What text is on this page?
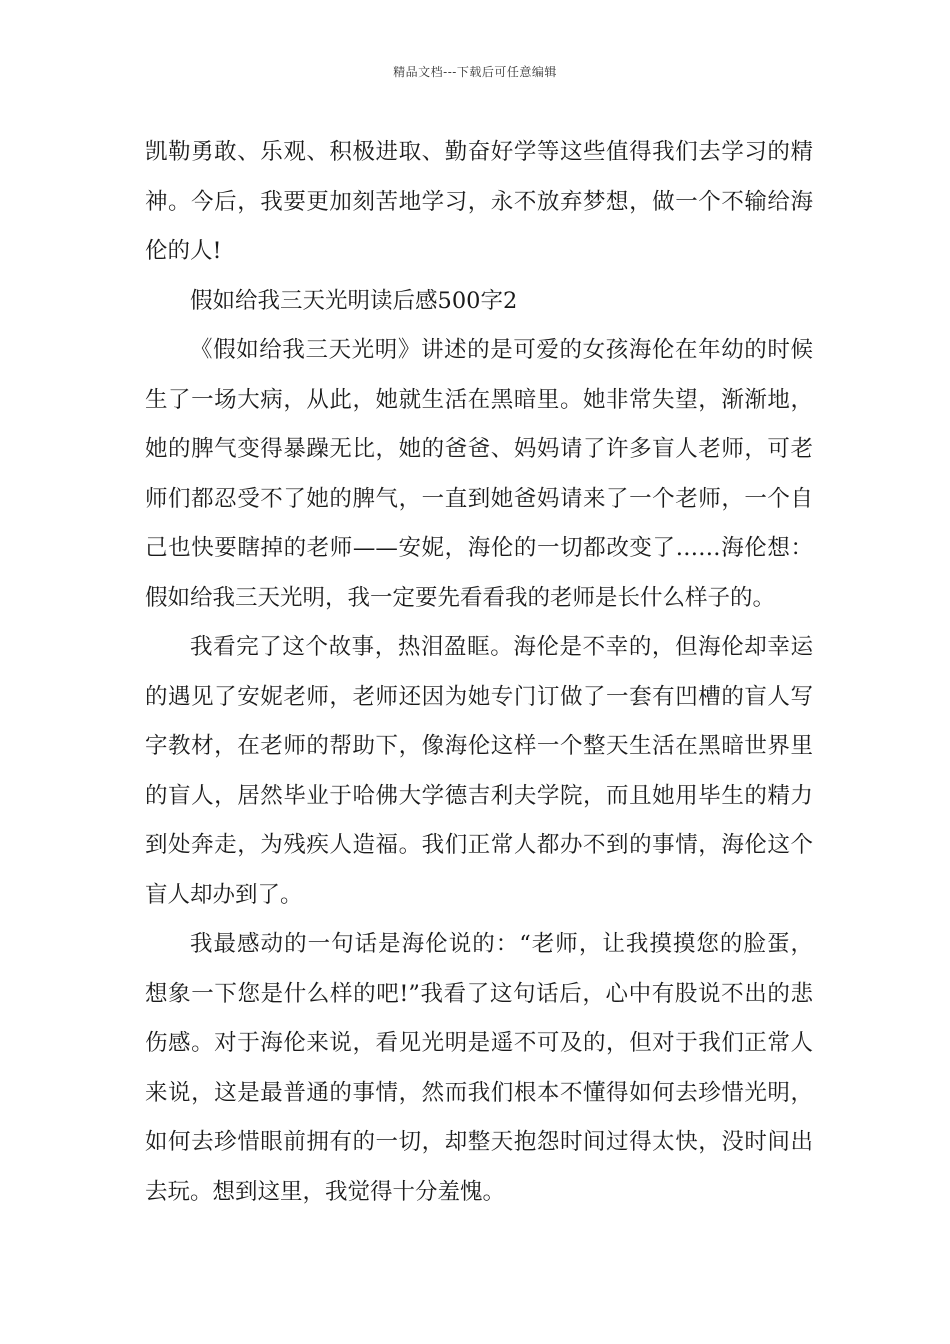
精品文档---下载后可任意编辑
凯勒勇敢、乐观、积极进取、勤奋好学等这些值得我们去学习的精
神。今后，我要更加刻苦地学习，永不放弃梦想，做一个不输给海
伦的人!
假如给我三天光明读后感500字2
《假如给我三天光明》讲述的是可爱的女孩海伦在年幼的时候
生了一场大病，从此，她就生活在黑暗里。她非常失望，渐渐地，
她的脾气变得暴躁无比，她的爸爸、妈妈请了许多盲人老师，可老
师们都忍受不了她的脾气，一直到她爸妈请来了一个老师，一个自
己也快要瞎掉的老师——安妮，海伦的一切都改变了……海伦想：
假如给我三天光明，我一定要先看看我的老师是长什么样子的。
我看完了这个故事，热泪盈眶。海伦是不幸的，但海伦却幸运
的遇见了安妮老师，老师还因为她专门订做了一套有凹槽的盲人写
字教材，在老师的帮助下，像海伦这样一个整天生活在黑暗世界里
的盲人，居然毕业于哈佛大学德吉利夫学院，而且她用毕生的精力
到处奔走，为残疾人造福。我们正常人都办不到的事情，海伦这个
盲人却办到了。
我最感动的一句话是海伦说的：“老师，让我摸摸您的脸蛋，
想象一下您是什么样的吧!”我看了这句话后，心中有股说不出的悲
伤感。对于海伦来说，看见光明是遥不可及的，但对于我们正常人
来说，这是最普通的事情，然而我们根本不懂得如何去珍惜光明，
如何去珍惜眼前拥有的一切，却整天抱怨时间过得太快，没时间出
去玩。想到这里，我觉得十分羞愧。
